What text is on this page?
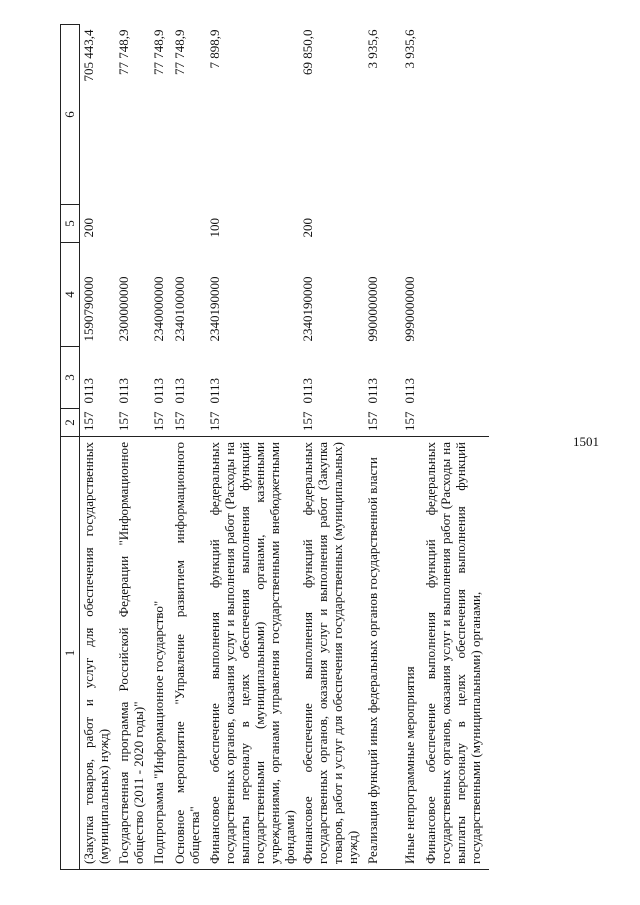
1501
1	2	3	4	5	6
(Закупка товаров, работ и услуг для обеспечения государственных (муниципальных) нужд)	157	0113	1590790000	200	705 443,4
Государственная программа Российской Федерации "Информационное общество (2011 - 2020 годы)"	157	0113	2300000000		77 748,9
Подпрограмма "Информационное государство"	157	0113	2340000000		77 748,9
Основное мероприятие "Управление развитием информационного общества"	157	0113	2340100000		77 748,9
Финансовое обеспечение выполнения функций федеральных государственных органов, оказания услуг и выполнения работ (Расходы на выплаты персоналу в целях обеспечения выполнения функций государственными (муниципальными) органами, казенными учреждениями, органами управления государственными внебюджетными фондами)	157	0113	2340190000	100	7 898,9
Финансовое обеспечение выполнения функций федеральных государственных органов, оказания услуг и выполнения работ (Закупка товаров, работ и услуг для обеспечения государственных (муниципальных) нужд)	157	0113	2340190000	200	69 850,0
Реализация функций иных федеральных органов государственной власти	157	0113	9900000000		3 935,6
Иные непрограммные мероприятия	157	0113	9990000000		3 935,6
Финансовое обеспечение выполнения функций федеральных государственных органов, оказания услуг и выполнения работ (Расходы на выплаты персоналу в целях обеспечения выполнения функций государственными (муниципальными) органами,					
